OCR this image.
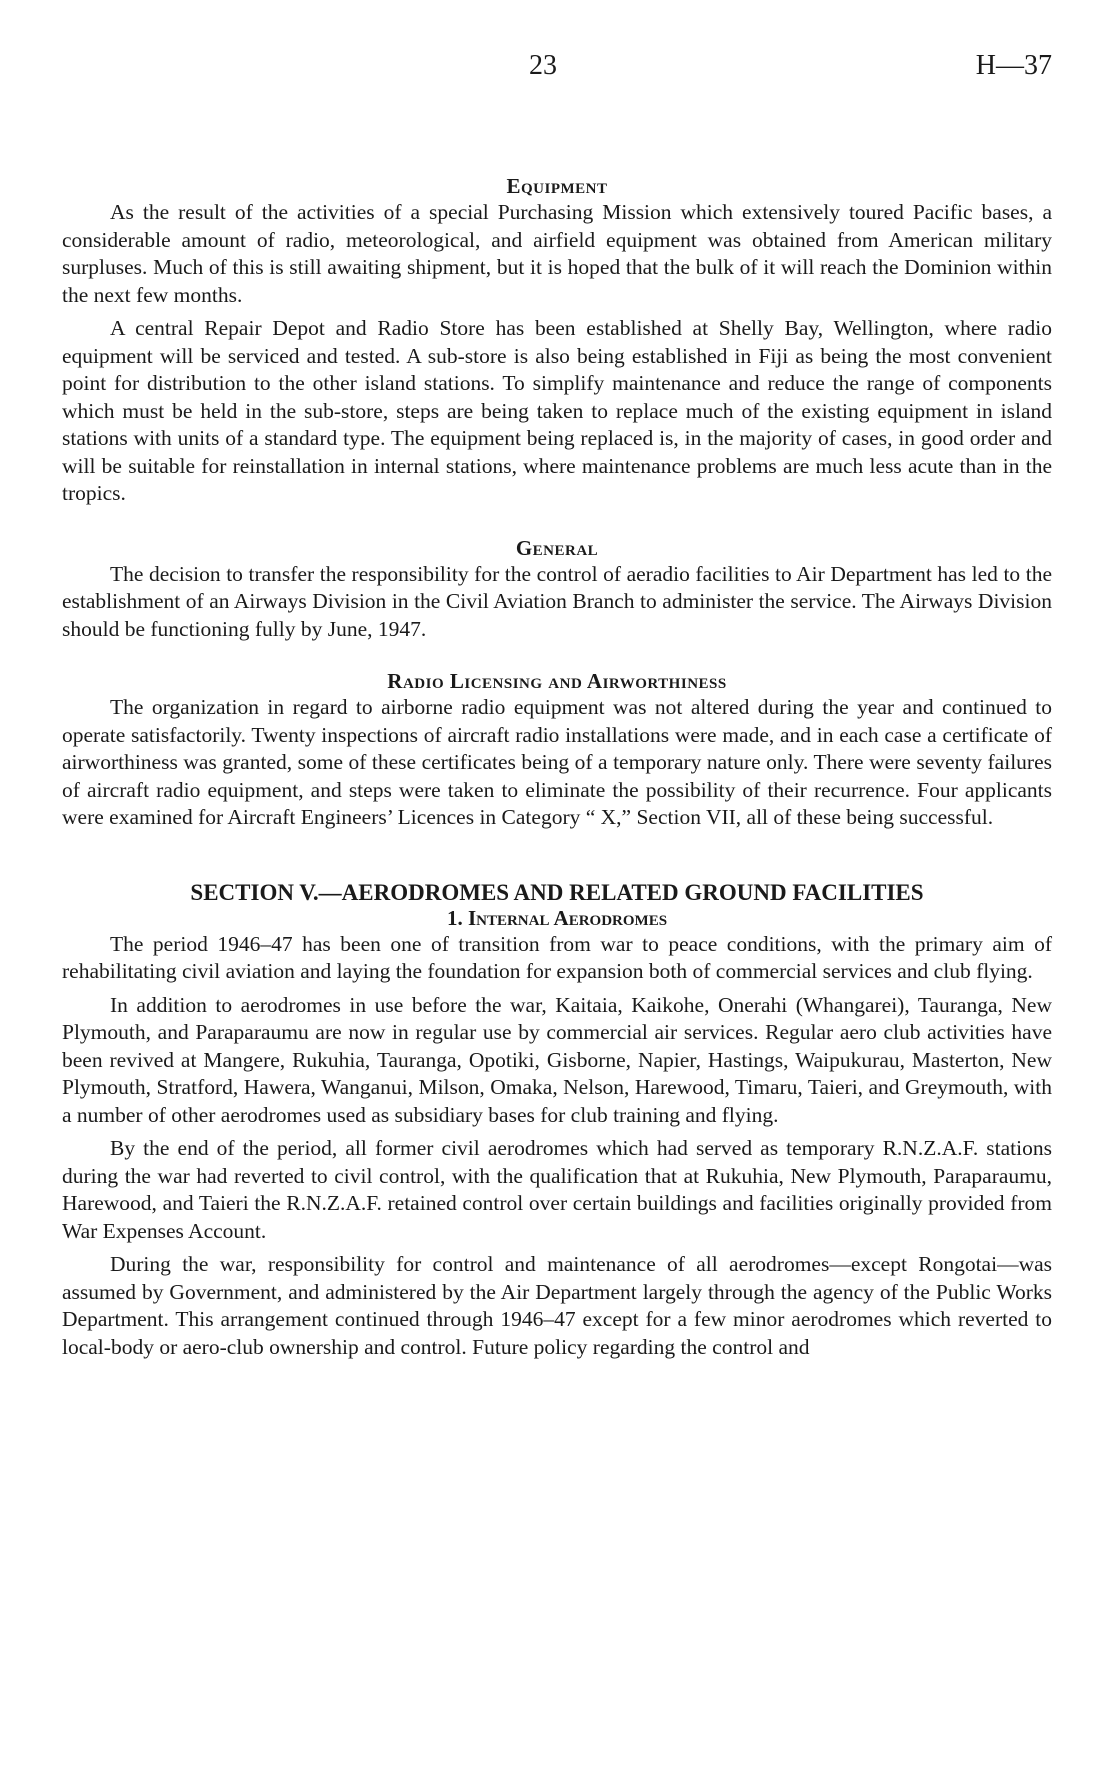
23	H—37
Equipment

As the result of the activities of a special Purchasing Mission which extensively toured Pacific bases, a considerable amount of radio, meteorological, and airfield equipment was obtained from American military surpluses. Much of this is still awaiting shipment, but it is hoped that the bulk of it will reach the Dominion within the next few months.

A central Repair Depot and Radio Store has been established at Shelly Bay, Wellington, where radio equipment will be serviced and tested. A sub-store is also being established in Fiji as being the most convenient point for distribution to the other island stations. To simplify maintenance and reduce the range of components which must be held in the sub-store, steps are being taken to replace much of the existing equipment in island stations with units of a standard type. The equipment being replaced is, in the majority of cases, in good order and will be suitable for reinstallation in internal stations, where maintenance problems are much less acute than in the tropics.

General

The decision to transfer the responsibility for the control of aeradio facilities to Air Department has led to the establishment of an Airways Division in the Civil Aviation Branch to administer the service. The Airways Division should be functioning fully by June, 1947.

Radio Licensing and Airworthiness

The organization in regard to airborne radio equipment was not altered during the year and continued to operate satisfactorily. Twenty inspections of aircraft radio installations were made, and in each case a certificate of airworthiness was granted, some of these certificates being of a temporary nature only. There were seventy failures of aircraft radio equipment, and steps were taken to eliminate the possibility of their recurrence. Four applicants were examined for Aircraft Engineers’ Licences in Category “ X,” Section VII, all of these being successful.

SECTION V.—AERODROMES AND RELATED GROUND FACILITIES
1. Internal Aerodromes

The period 1946–47 has been one of transition from war to peace conditions, with the primary aim of rehabilitating civil aviation and laying the foundation for expansion both of commercial services and club flying.

In addition to aerodromes in use before the war, Kaitaia, Kaikohe, Onerahi (Whangarei), Tauranga, New Plymouth, and Paraparaumu are now in regular use by commercial air services. Regular aero club activities have been revived at Mangere, Rukuhia, Tauranga, Opotiki, Gisborne, Napier, Hastings, Waipukurau, Masterton, New Plymouth, Stratford, Hawera, Wanganui, Milson, Omaka, Nelson, Harewood, Timaru, Taieri, and Greymouth, with a number of other aerodromes used as subsidiary bases for club training and flying.

By the end of the period, all former civil aerodromes which had served as temporary R.N.Z.A.F. stations during the war had reverted to civil control, with the qualification that at Rukuhia, New Plymouth, Paraparaumu, Harewood, and Taieri the R.N.Z.A.F. retained control over certain buildings and facilities originally provided from War Expenses Account.

During the war, responsibility for control and maintenance of all aerodromes—except Rongotai—was assumed by Government, and administered by the Air Department largely through the agency of the Public Works Department. This arrangement continued through 1946–47 except for a few minor aerodromes which reverted to local-body or aero-club ownership and control. Future policy regarding the control and
